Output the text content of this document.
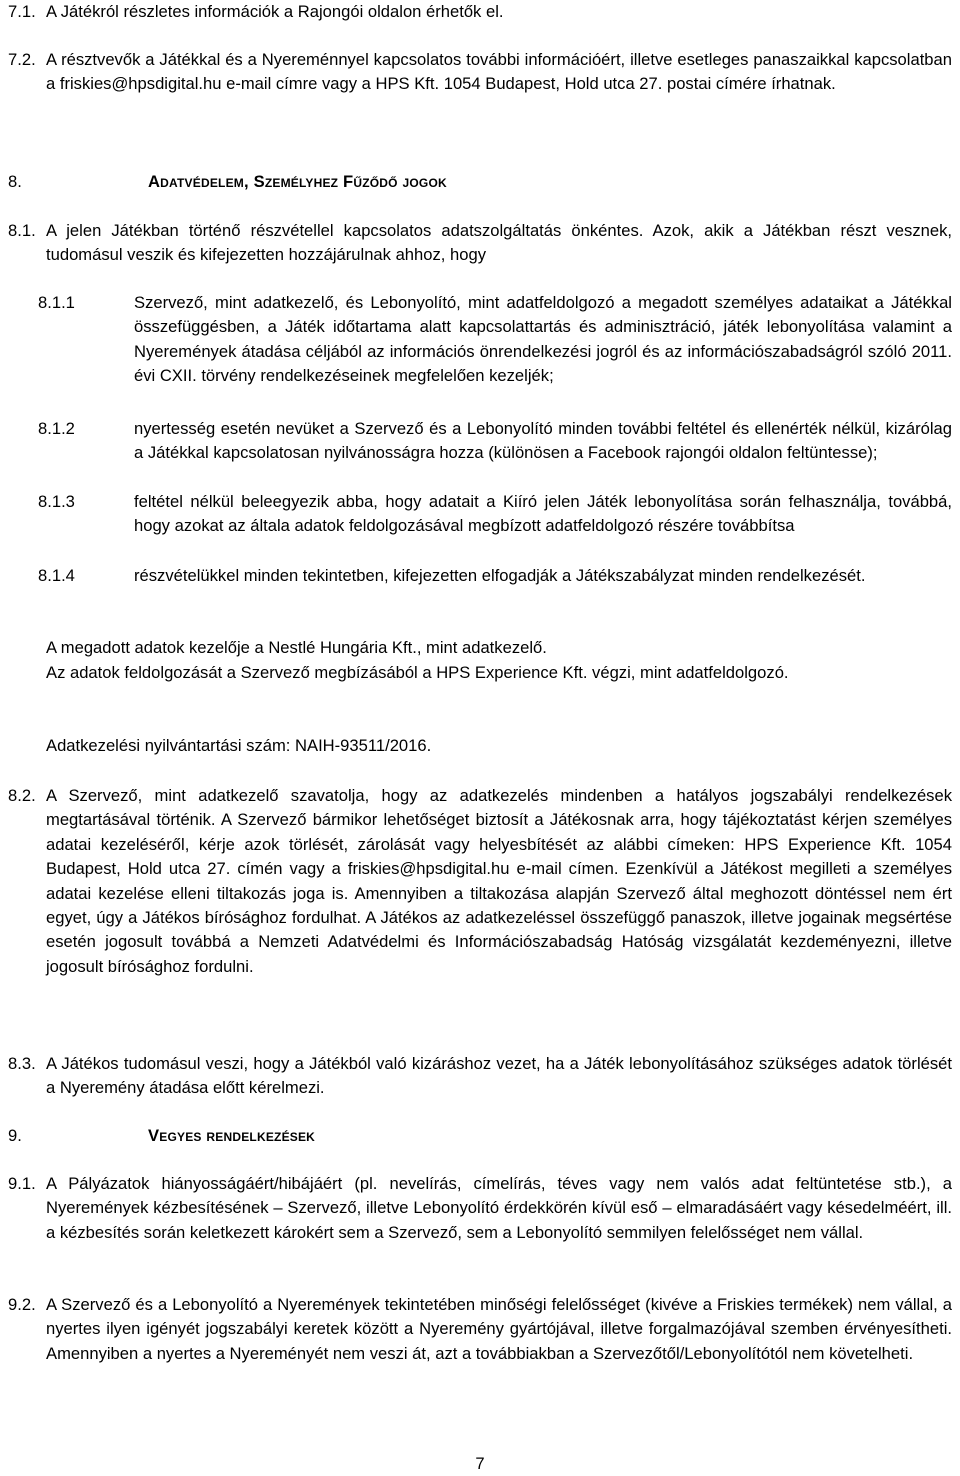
7.1. A Játékról részletes információk a Rajongói oldalon érhetők el.
7.2. A résztvevők a Játékkal és a Nyereménnyel kapcsolatos további információért, illetve esetleges panaszaikkal kapcsolatban a friskies@hpsdigital.hu e-mail címre vagy a HPS Kft. 1054 Budapest, Hold utca 27. postai címére írhatnak.

8.	Adatvédelem, Személyhez Fűződő jogok
8.1. A jelen Játékban történő részvétellel kapcsolatos adatszolgáltatás önkéntes. Azok, akik a Játékban részt vesznek, tudomásul veszik és kifejezetten hozzájárulnak ahhoz, hogy

8.1.1	Szervező, mint adatkezelő, és Lebonyolító, mint adatfeldolgozó a megadott személyes adataikat a Játékkal összefüggésben, a Játék időtartama alatt kapcsolattartás és adminisztráció, játék lebonyolítása valamint a Nyeremények átadása céljából az információs önrendelkezési jogról és az információszabadságról szóló 2011. évi CXII. törvény rendelkezéseinek megfelelően kezeljék;

8.1.2	nyertesség esetén nevüket a Szervező és a Lebonyolító minden további feltétel és ellenérték nélkül, kizárólag a Játékkal kapcsolatosan nyilvánosságra hozza (különösen a Facebook rajongói oldalon feltüntesse);

8.1.3	feltétel nélkül beleegyezik abba, hogy adatait a Kiíró jelen Játék lebonyolítása során felhasználja, továbbá, hogy azokat az általa adatok feldolgozásával megbízott adatfeldolgozó részére továbbítsa

8.1.4	részvételükkel minden tekintetben, kifejezetten elfogadják a Játékszabályzat minden rendelkezését.

A megadott adatok kezelője a Nestlé Hungária Kft., mint adatkezelő.

Az adatok feldolgozását a Szervező megbízásából a HPS Experience Kft. végzi, mint adatfeldolgozó.

Adatkezelési nyilvántartási szám: NAIH-93511/2016.

8.2. A Szervező, mint adatkezelő szavatolja, hogy az adatkezelés mindenben a hatályos jogszabályi rendelkezések megtartásával történik. A Szervező bármikor lehetőséget biztosít a Játékosnak arra, hogy tájékoztatást kérjen személyes adatai kezeléséről, kérje azok törlését, zárolását vagy helyesbítését az alábbi címeken: HPS Experience Kft. 1054 Budapest, Hold utca 27. címén vagy a friskies@hpsdigital.hu e-mail címen. Ezenkívül a Játékost megilleti a személyes adatai kezelése elleni tiltakozás joga is. Amennyiben a tiltakozása alapján Szervező által meghozott döntéssel nem ért egyet, úgy a Játékos bírósághoz fordulhat. A Játékos az adatkezeléssel összefüggő panaszok, illetve jogainak megsértése esetén jogosult továbbá a Nemzeti Adatvédelmi és Információszabadság Hatóság vizsgálatát kezdeményezni, illetve jogosult bírósághoz fordulni.

8.3. A Játékos tudomásul veszi, hogy a Játékból való kizáráshoz vezet, ha a Játék lebonyolításához szükséges adatok törlését a Nyeremény átadása előtt kérelmezi.

9.	Vegyes rendelkezések
9.1. A Pályázatok hiányosságáért/hibájáért (pl. nevelírás, címelírás, téves vagy nem valós adat feltüntetése stb.), a Nyeremények kézbesítésének – Szervező, illetve Lebonyolító érdekkörén kívül eső – elmaradásáért vagy késedelméért, ill. a kézbesítés során keletkezett károkért sem a Szervező, sem a Lebonyolító semmilyen felelősséget nem vállal.

9.2. A Szervező és a Lebonyolító a Nyeremények tekintetében minőségi felelősséget (kivéve a Friskies termékek) nem vállal, a nyertes ilyen igényét jogszabályi keretek között a Nyeremény gyártójával, illetve forgalmazójával szemben érvényesítheti. Amennyiben a nyertes a Nyereményét nem veszi át, azt a továbbiakban a Szervezőtől/Lebonyolítótól nem követelheti.

7
